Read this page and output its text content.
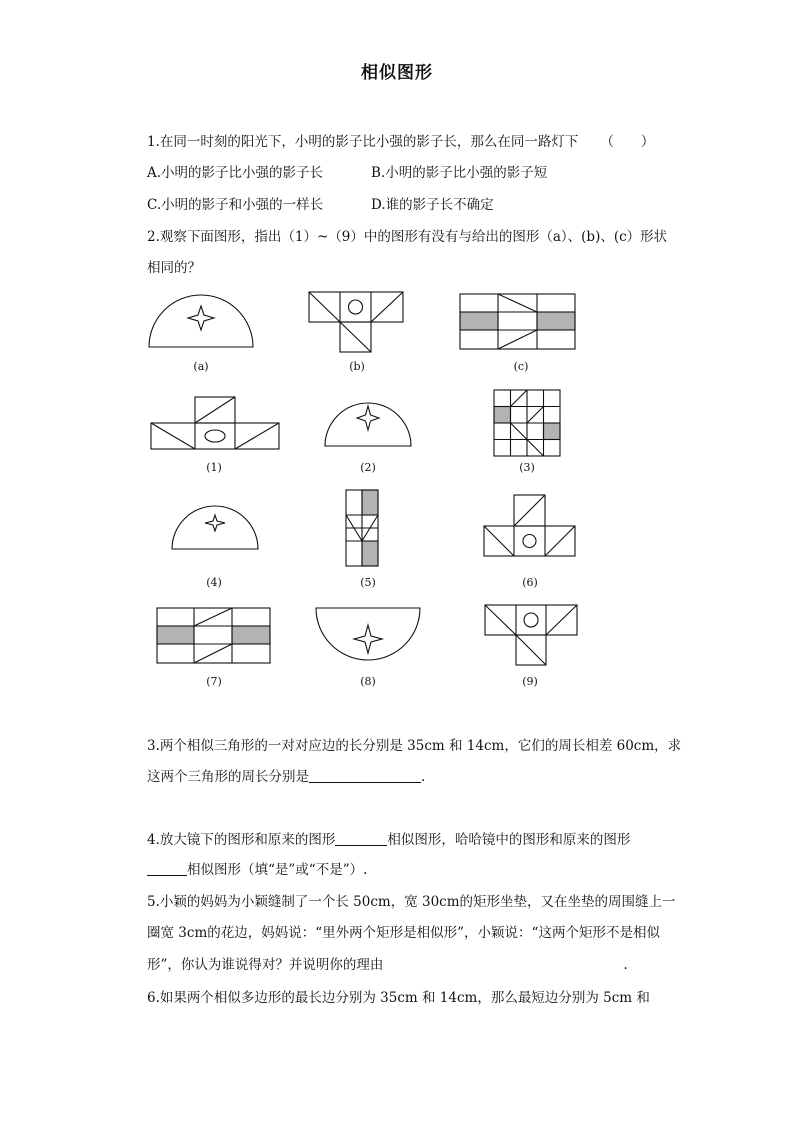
相似图形
1.在同一时刻的阳光下，小明的影子比小强的影子长，那么在同一路灯下 （　　）
A.小明的影子比小强的影子长	B.小明的影子比小强的影子短
C.小明的影子和小强的一样长	D.谁的影子长不确定
2.观察下面图形，指出（1）~（9）中的图形有没有与给出的图形（a）、(b)、(c）形状
相同的？
(a)	(b)	(c)
(1)	(2)	(3)
(4)	(5)	(6)
(7)	(8)	(9)
3.两个相似三角形的一对对应边的长分别是 35cm 和 14cm，它们的周长相差 60cm，求
这两个三角形的周长分别是	.
4.放大镜下的图形和原来的图形	相似图形，哈哈镜中的图形和原来的图形
相似图形（填“是”或“不是”）.
5.小颖的妈妈为小颖缝制了一个长 50cm，宽 30cm的矩形坐垫，又在坐垫的周围缝上一
圈宽 3cm的花边，妈妈说：“里外两个矩形是相似形”，小颖说：“这两个矩形不是相似
形”，你认为谁说得对？并说明你的理由	.
6.如果两个相似多边形的最长边分别为 35cm 和 14cm，那么最短边分别为 5cm 和
